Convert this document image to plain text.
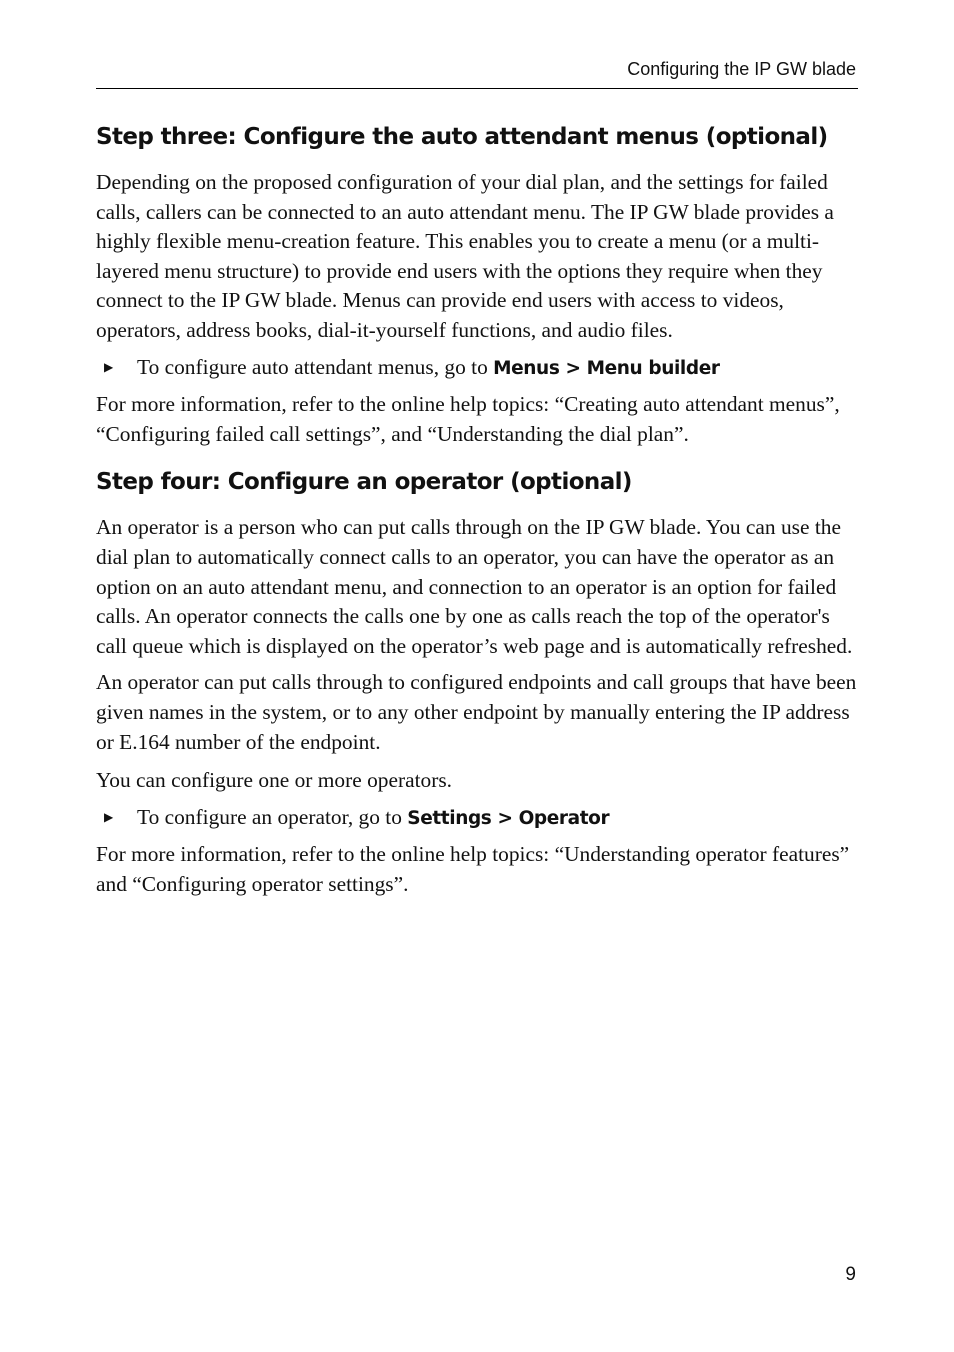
Configuring the IP GW blade
Step three: Configure the auto attendant menus (optional)

Depending on the proposed configuration of your dial plan, and the settings for failed calls, callers can be connected to an auto attendant menu. The IP GW blade provides a highly flexible menu-creation feature. This enables you to create a menu (or a multi-layered menu structure) to provide end users with the options they require when they connect to the IP GW blade. Menus can provide end users with access to videos, operators, address books, dial-it-yourself functions, and audio files.

▶ To configure auto attendant menus, go to Menus > Menu builder

For more information, refer to the online help topics: “Creating auto attendant menus”, “Configuring failed call settings”, and “Understanding the dial plan”.

Step four: Configure an operator (optional)

An operator is a person who can put calls through on the IP GW blade. You can use the dial plan to automatically connect calls to an operator, you can have the operator as an option on an auto attendant menu, and connection to an operator is an option for failed calls. An operator connects the calls one by one as calls reach the top of the operator's call queue which is displayed on the operator’s web page and is automatically refreshed.

An operator can put calls through to configured endpoints and call groups that have been given names in the system, or to any other endpoint by manually entering the IP address or E.164 number of the endpoint.

You can configure one or more operators.

▶ To configure an operator, go to Settings > Operator

For more information, refer to the online help topics: “Understanding operator features” and “Configuring operator settings”.

9
